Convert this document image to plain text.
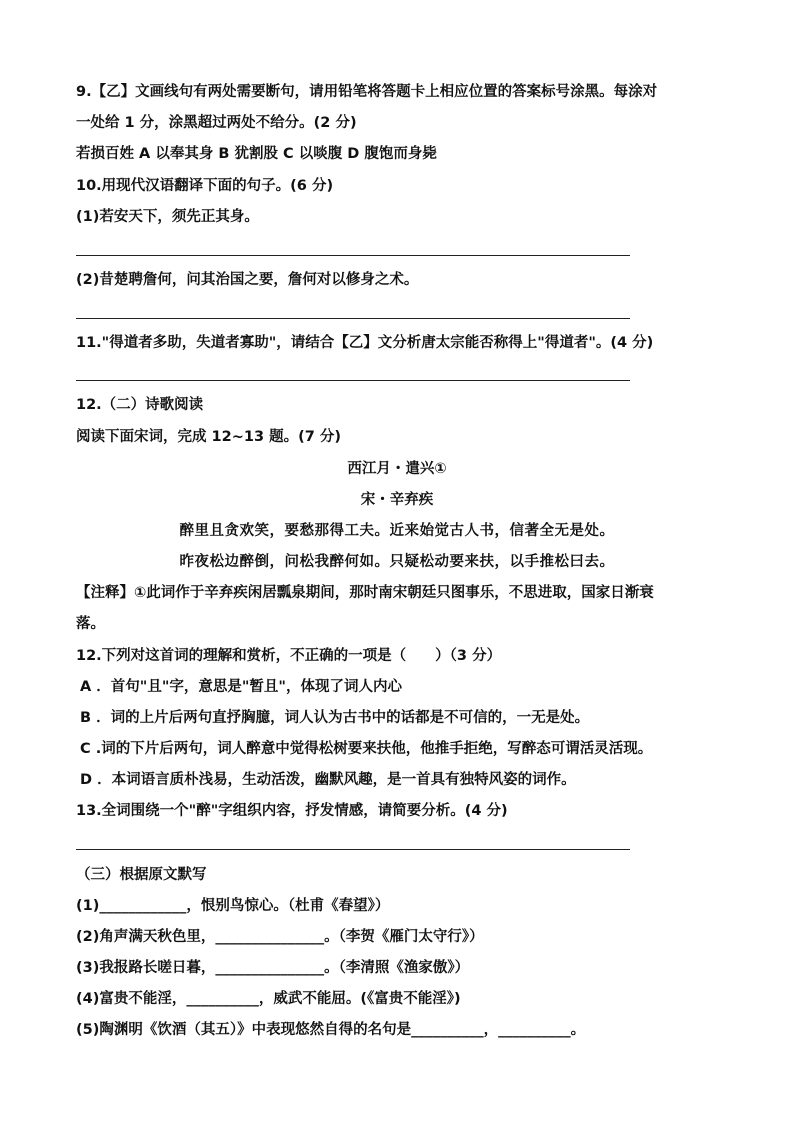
9.【乙】文画线句有两处需要断句，请用铅笔将答题卡上相应位置的答案标号涂黑。每涂对
一处给 1 分，涂黑超过两处不给分。(2 分)
若损百姓 A 以奉其身 B 犹割股 C 以啖腹 D 腹饱而身毙
10.用现代汉语翻译下面的句子。(6 分)
(1)若安天下，须先正其身。
(2)昔楚聘詹何，问其治国之要，詹何对以修身之术。
11."得道者多助，失道者寡助"，请结合【乙】文分析唐太宗能否称得上"得道者"。(4 分)
12.（二）诗歌阅读
阅读下面宋词，完成 12~13 题。(7 分)
西江月・遣兴①
宋・辛弃疾
醉里且贪欢笑，要愁那得工夫。近来始觉古人书，信著全无是处。
昨夜松边醉倒，问松我醉何如。只疑松动要来扶，以手推松曰去。
【注释】①此词作于辛弃疾闲居瓢泉期间，那时南宋朝廷只图事乐，不思进取，国家日渐衰
落。
12.下列对这首词的理解和赏析，不正确的一项是（　　）（3 分）
A ．首句"且"字，意思是"暂且"，体现了词人内心
B ．词的上片后两句直抒胸臆，词人认为古书中的话都是不可信的，一无是处。
C .词的下片后两句，词人醉意中觉得松树要来扶他，他推手拒绝，写醉态可谓活灵活现。
D ．本词语言质朴浅易，生动活泼，幽默风趣，是一首具有独特风姿的词作。
13.全词围绕一个"醉"字组织内容，抒发情感，请简要分析。(4 分)
（三）根据原文默写
(1)____________，恨别鸟惊心。（杜甫《春望》）
(2)角声满天秋色里，_______________。（李贺《雁门太守行》）
(3)我报路长嗟日暮，_______________。（李清照《渔家傲》）
(4)富贵不能淫，__________，威武不能屈。(《富贵不能淫》)
(5)陶渊明《饮酒（其五）》中表现悠然自得的名句是__________，__________。
